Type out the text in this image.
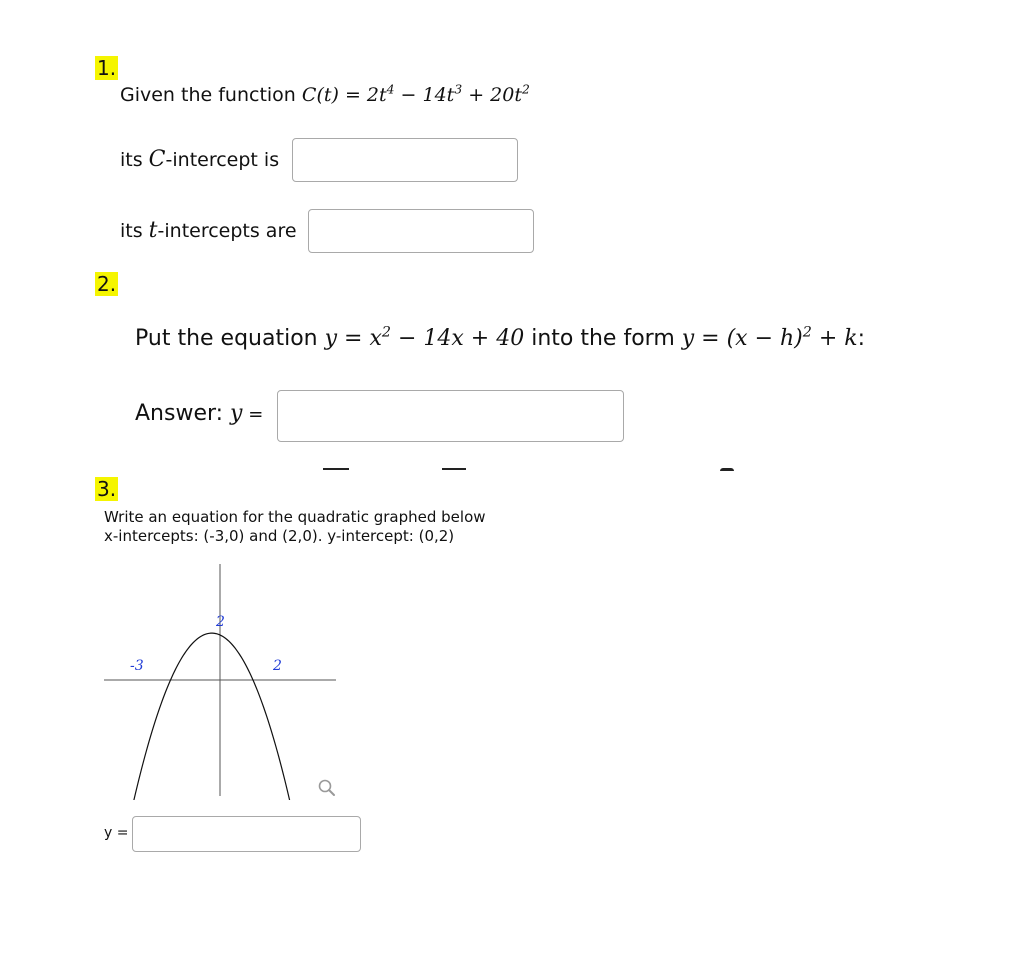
1.
Given the function $C(t) = 2t^4 - 14t^3 + 20t^2$
its C-intercept is
its t-intercepts are
2.
Put the equation $y = x^2 - 14x + 40$ into the form $y = (x - h)^2 + k$:
Answer: y =
3.
Write an equation for the quadratic graphed below
x-intercepts: (-3,0) and (2,0). y-intercept: (0,2)
-3	2
2
y =
